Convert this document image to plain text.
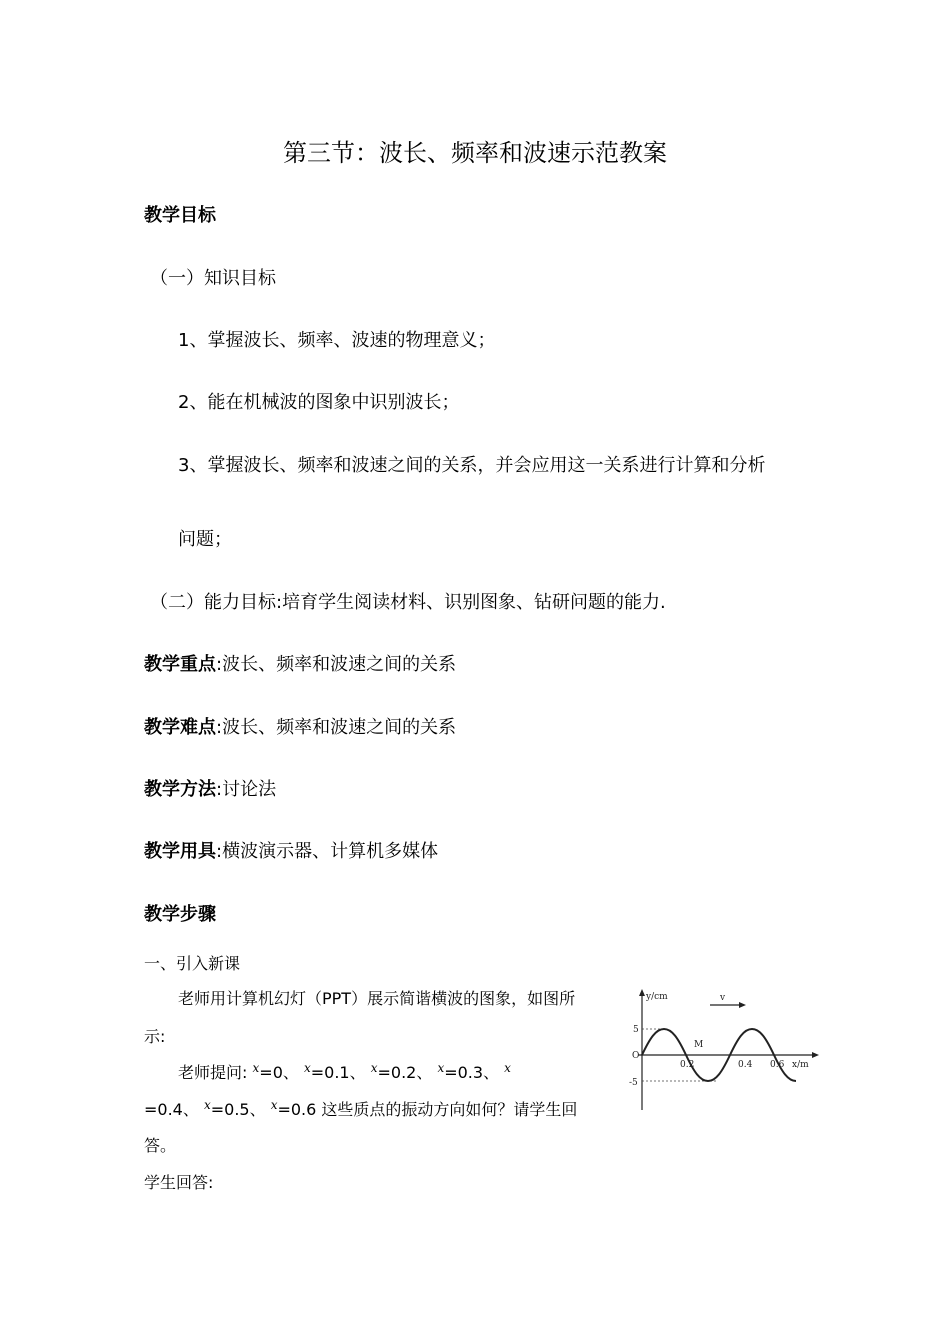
第三节：波长、频率和波速示范教案
教学目标
（一）知识目标
1、掌握波长、频率、波速的物理意义；
2、能在机械波的图象中识别波长；
3、掌握波长、频率和波速之间的关系，并会应用这一关系进行计算和分析
问题；
（二）能力目标:培育学生阅读材料、识别图象、钻研问题的能力.
教学重点:波长、频率和波速之间的关系
教学难点:波长、频率和波速之间的关系
教学方法:讨论法
教学用具:横波演示器、计算机多媒体
教学步骤
一、引入新课
老师用计算机幻灯（PPT）展示简谐横波的图象，如图所
示:
老师提问: $^x$=0、 $^x$=0.1、 $^x$=0.2、 $^x$=0.3、 $^x$
=0.4、 $^x$=0.5、 $^x$=0.6 这些质点的振动方向如何？请学生回
答。
学生回答:
y/cm	v
5
-5
O
M
0.2	0.4 0.6 x/m
